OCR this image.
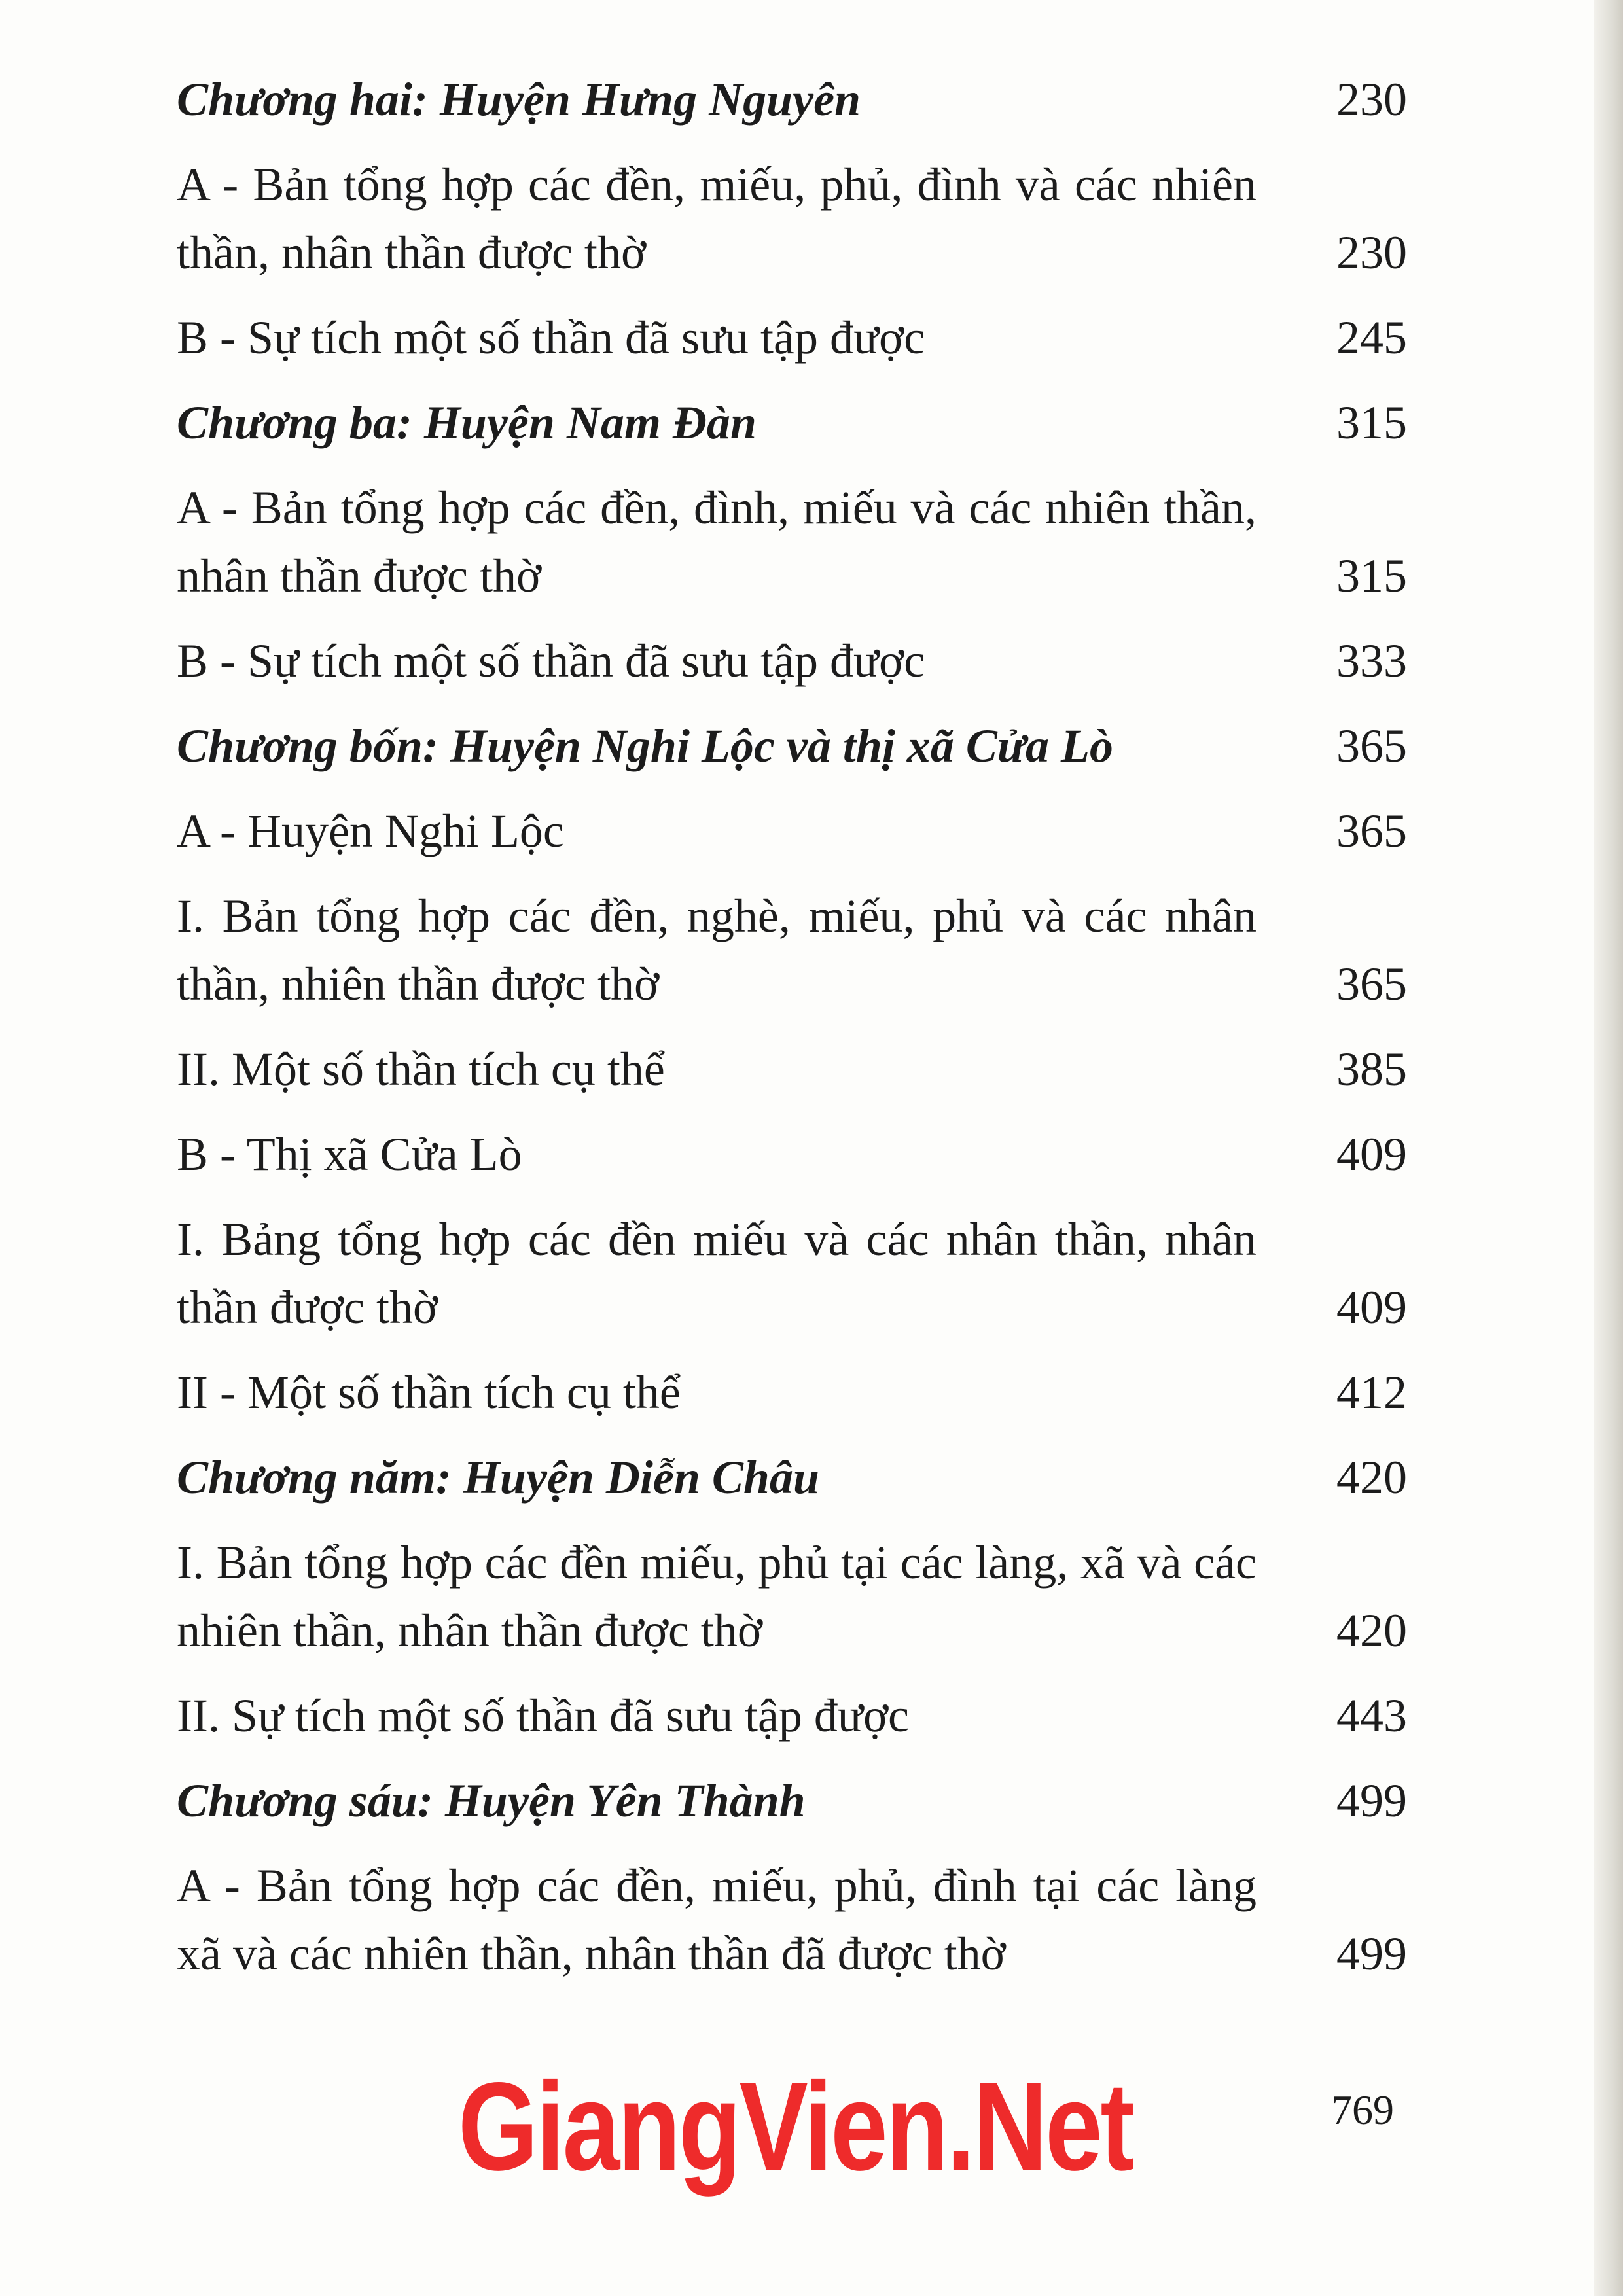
Chương hai: Huyện Hưng Nguyên	230
A - Bản tổng hợp các đền, miếu, phủ, đình và các nhiên thần, nhân thần được thờ	230
B - Sự tích một số thần đã sưu tập được	245
Chương ba: Huyện Nam Đàn	315
A - Bản tổng hợp các đền, đình, miếu và các nhiên thần, nhân thần được thờ	315
B - Sự tích một số thần đã sưu tập được	333
Chương bốn: Huyện Nghi Lộc và thị xã Cửa Lò	365
A - Huyện Nghi Lộc	365
I. Bản tổng hợp các đền, nghè, miếu, phủ và các nhân thần, nhiên thần được thờ	365
II. Một số thần tích cụ thể	385
B - Thị xã Cửa Lò	409
I. Bảng tổng hợp các đền miếu và các nhân thần, nhân thần được thờ	409
II - Một số thần tích cụ thể	412
Chương năm: Huyện Diễn Châu	420
I. Bản tổng hợp các đền miếu, phủ tại các làng, xã và các nhiên thần, nhân thần được thờ	420
II. Sự tích một số thần đã sưu tập được	443
Chương sáu: Huyện Yên Thành	499
A - Bản tổng hợp các đền, miếu, phủ, đình tại các làng xã và các nhiên thần, nhân thần đã được thờ	499
GiangVien.Net	769
